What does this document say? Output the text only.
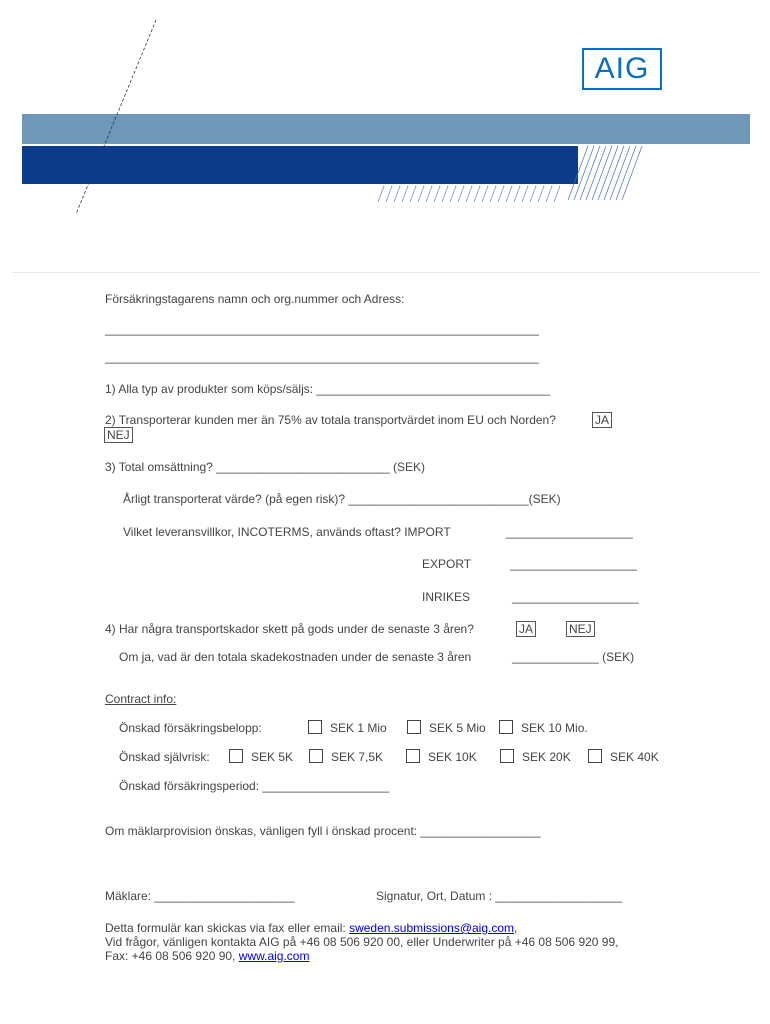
AIG
Försäkringstagarens namn och org.nummer och Adress:
_________________________________________________________________
_________________________________________________________________
1) Alla typ av produkter som köps/säljs: ___________________________________
2) Transporterar kunden mer än 75% av totala transportvärdet inom EU och Norden?	JA
NEJ
3) Total omsättning? __________________________ (SEK)
Årligt transporterat värde? (på egen risk)? ___________________________(SEK)
Vilket leveransvillkor, INCOTERMS, används oftast? IMPORT	___________________
EXPORT	___________________
INRIKES	___________________
4) Har några transportskador skett på gods under de senaste 3 åren?	JA	NEJ
Om ja, vad är den totala skadekostnaden under de senaste 3 åren	_____________ (SEK)
Contract info:
Önskad försäkringsbelopp:	SEK 1 Mio	SEK 5 Mio	SEK 10 Mio.
Önskad självrisk:	SEK 5K	SEK 7,5K	SEK 10K	SEK 20K	SEK 40K
Önskad försäkringsperiod: ___________________
Om mäklarprovision önskas, vänligen fyll i önskad procent: __________________
Mäklare: _____________________	Signatur, Ort, Datum : ___________________
Detta formulär kan skickas via fax eller email: sweden.submissions@aig.com,
Vid frågor, vänligen kontakta AIG på +46 08 506 920 00, eller Underwriter på +46 08 506 920 99,
Fax: +46 08 506 920 90, www.aig.com
